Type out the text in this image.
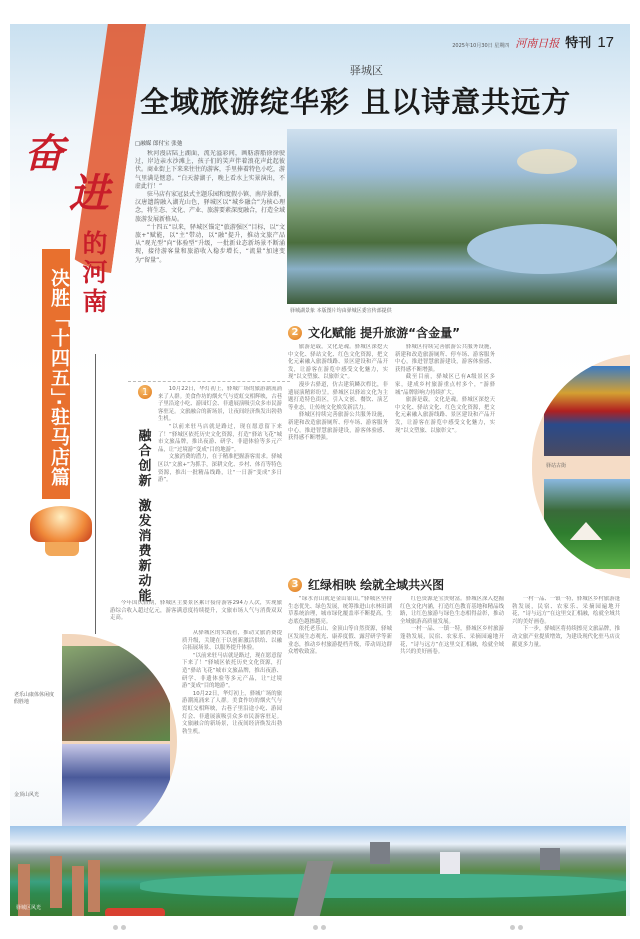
2025年10月30日 星期四 河南日报 特刊 17
驿城区
全域旅游绽华彩 且以诗意共远方
奋
进
的河南
决胜「十四五」·驻马店篇
□融媒 郎付宝 张弛

秋河漫店陆上湖面，流光溢彩间，画舫游船徐徐驶过，岸边亲水沙滩上，孩子们的笑声伴着浪花声此起彼伏。商业街上下来来往往的游客，手里捧着特色小吃，游气里满是惬意。“白天游湖子，晚上看水上实景演出，不虚此行！”

驻马店有家冠县式主题乐园和度假小镇、南岸景群，汉唐遗韵融入湖光山色，驿城区以“城乡融合”为核心理念，将生态、文化、产业、旅游要素深度融合，打造全域旅游发展新格局。

“十四五”以来，驿城区锚定“旅游强区”目标，以“文旅+”赋能，以“主”带动，以“融”提升，推动文旅产品从“观光型”向“体验型”升级，一批新业态新场景不断涌现，接待游客量和旅游收入稳步增长，“流量”加速变为“留量”。

驿城湖景象 本版图片均由驿城区委宣传部提供
2 文化赋能 提升旅游“含金量”

旅游是载，文化是魂。驿城区深挖天中文化、驿站文化、红色文化资源，把文化元素融入旅游线路、景区建设和产品开发，让游客在游览中感受文化魅力，实现“以文塑旅、以旅彰文”。

漫步古驿道，仿古建筑鳞次栉比，非遗展演精彩纷呈。驿城区以驿站文化为主题打造特色街区，引入文创、餐饮、演艺等业态，让传统文化焕发新活力。

驿城区持续完善旅游公共服务设施，新建和改造旅游厕所、停车场、游客服务中心，推进智慧旅游建设，游客体验感、获得感不断增强。

驿城区持续完善旅游公共服务设施，新建和改造旅游厕所、停车场、游客服务中心，推进智慧旅游建设，游客体验感、获得感不断增强。

截至目前，驿城区已有A级景区多家，建成乡村旅游重点村多个，“游驿城”品牌影响力持续扩大。

旅游是载，文化是魂。驿城区深挖天中文化、驿站文化、红色文化资源，把文化元素融入旅游线路、景区建设和产品开发，让游客在游览中感受文化魅力，实现“以文塑旅、以旅彰文”。

驿站古街
1
融合创新
激发消费新动能

10月22日，华灯初上，驿城广场的旅游潮流涌来了人群。美食作坊的烟火气与霓虹交相辉映，古巷子里沿途小吃、游园灯会、非遗展演吸引众多市民游客驻足。文旅融合的新场景，让夜间经济焕发出勃勃生机。

“以前来驻马店就是路过，现在愿意留下来了！”驿城区依托历史文化资源，打造“驿站飞花”城市文旅品牌，推出夜游、研学、非遗体验等多元产品，让“过境游”变成“目的地游”。

文旅消费的潜力，在于精准把握游客需求。驿城区以“文旅+”为抓手，深耕文化、乡村、体育等特色资源，推出一批精品线路，让“一日游”变成“多日游”。

今年国庆假期，驿城区主要景区累计接待游客294万人次，实现旅游综合收入超过亿元，游客满意度持续提升，文旅市场人气与消费双双走高。

从驿城区的实践看，推动文旅消费提质升级，关键在于以创新激活供给、以融合拓展场景、以服务提升体验。

“以前来驻马店就是路过，现在愿意留下来了！”驿城区依托历史文化资源，打造“驿站飞花”城市文旅品牌，推出夜游、研学、非遗体验等多元产品，让“过境游”变成“目的地游”。

10月22日，华灯初上，驿城广场的旅游潮流涌来了人群。美食作坊的烟火气与霓虹交相辉映，古巷子里沿途小吃、游园灯会、非遗展演吸引众多市民游客驻足。文旅融合的新场景，让夜间经济焕发出勃勃生机。

老乐山康体休闲度假胜地
金顶山风光
3 红绿相映 绘就全域共兴图

“绿水青山就是金山银山。”驿城区坚持生态优先、绿色发展，统筹推进山水林田湖草系统治理，城市绿化覆盖率不断提高，生态底色越擦越亮。

依托老乐山、金顶山等自然资源，驿城区发展生态观光、康养度假、露营研学等新业态，推动乡村旅游提档升级，带动周边群众增收致富。

红色资源是宝贵财富。驿城区深入挖掘红色文化内涵，打造红色教育基地和精品线路，让红色旅游与绿色生态相得益彰，推动全域旅游高质量发展。

一村一品、一镇一特，驿城区乡村旅游蓬勃发展，民宿、农家乐、采摘园遍地开花，“诗与远方”在这里交汇相融，绘就全域共兴的美好画卷。

一村一品、一镇一特，驿城区乡村旅游蓬勃发展，民宿、农家乐、采摘园遍地开花，“诗与远方”在这里交汇相融，绘就全域共兴的美好画卷。

下一步，驿城区将持续擦亮文旅品牌，推动文旅产业提质增效，为建设现代化驻马店贡献更多力量。

驿城区风光
